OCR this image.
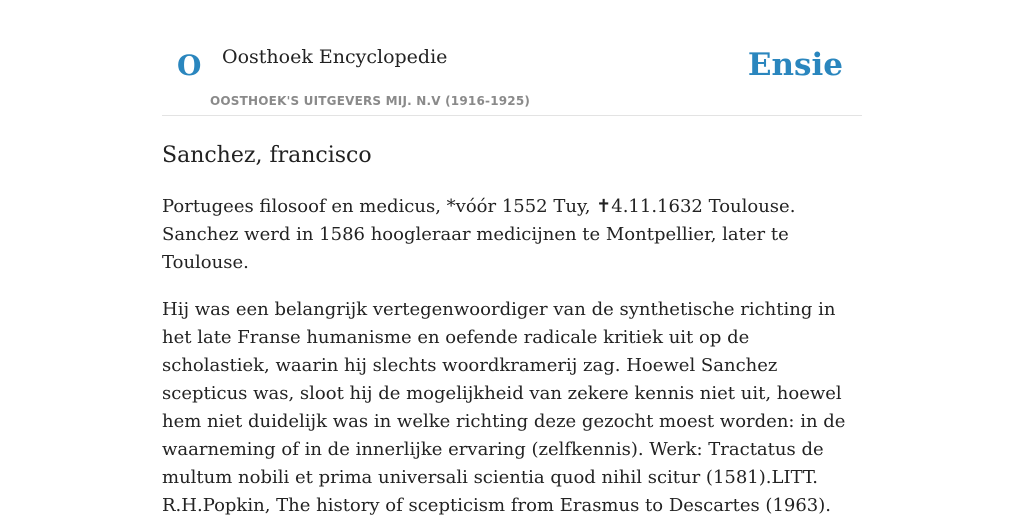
O Oosthoek Encyclopedie
OOSTHOEK'S UITGEVERS MIJ. N.V (1916-1925)
Ensie
Sanchez, francisco

Portugees filosoof en medicus, *vóór 1552 Tuy, ✝4.11.1632 Toulouse. Sanchez werd in 1586 hoogleraar medicijnen te Montpellier, later te Toulouse.

Hij was een belangrijk vertegenwoordiger van de synthetische richting in het late Franse humanisme en oefende radicale kritiek uit op de scholastiek, waarin hij slechts woordkramerij zag. Hoewel Sanchez scepticus was, sloot hij de mogelijkheid van zekere kennis niet uit, hoewel hem niet duidelijk was in welke richting deze gezocht moest worden: in de waarneming of in de innerlijke ervaring (zelfkennis). Werk: Tractatus de multum nobili et prima universali scientia quod nihil scitur (1581).LITT. R.H.Popkin, The history of scepticism from Erasmus to Descartes (1963).
